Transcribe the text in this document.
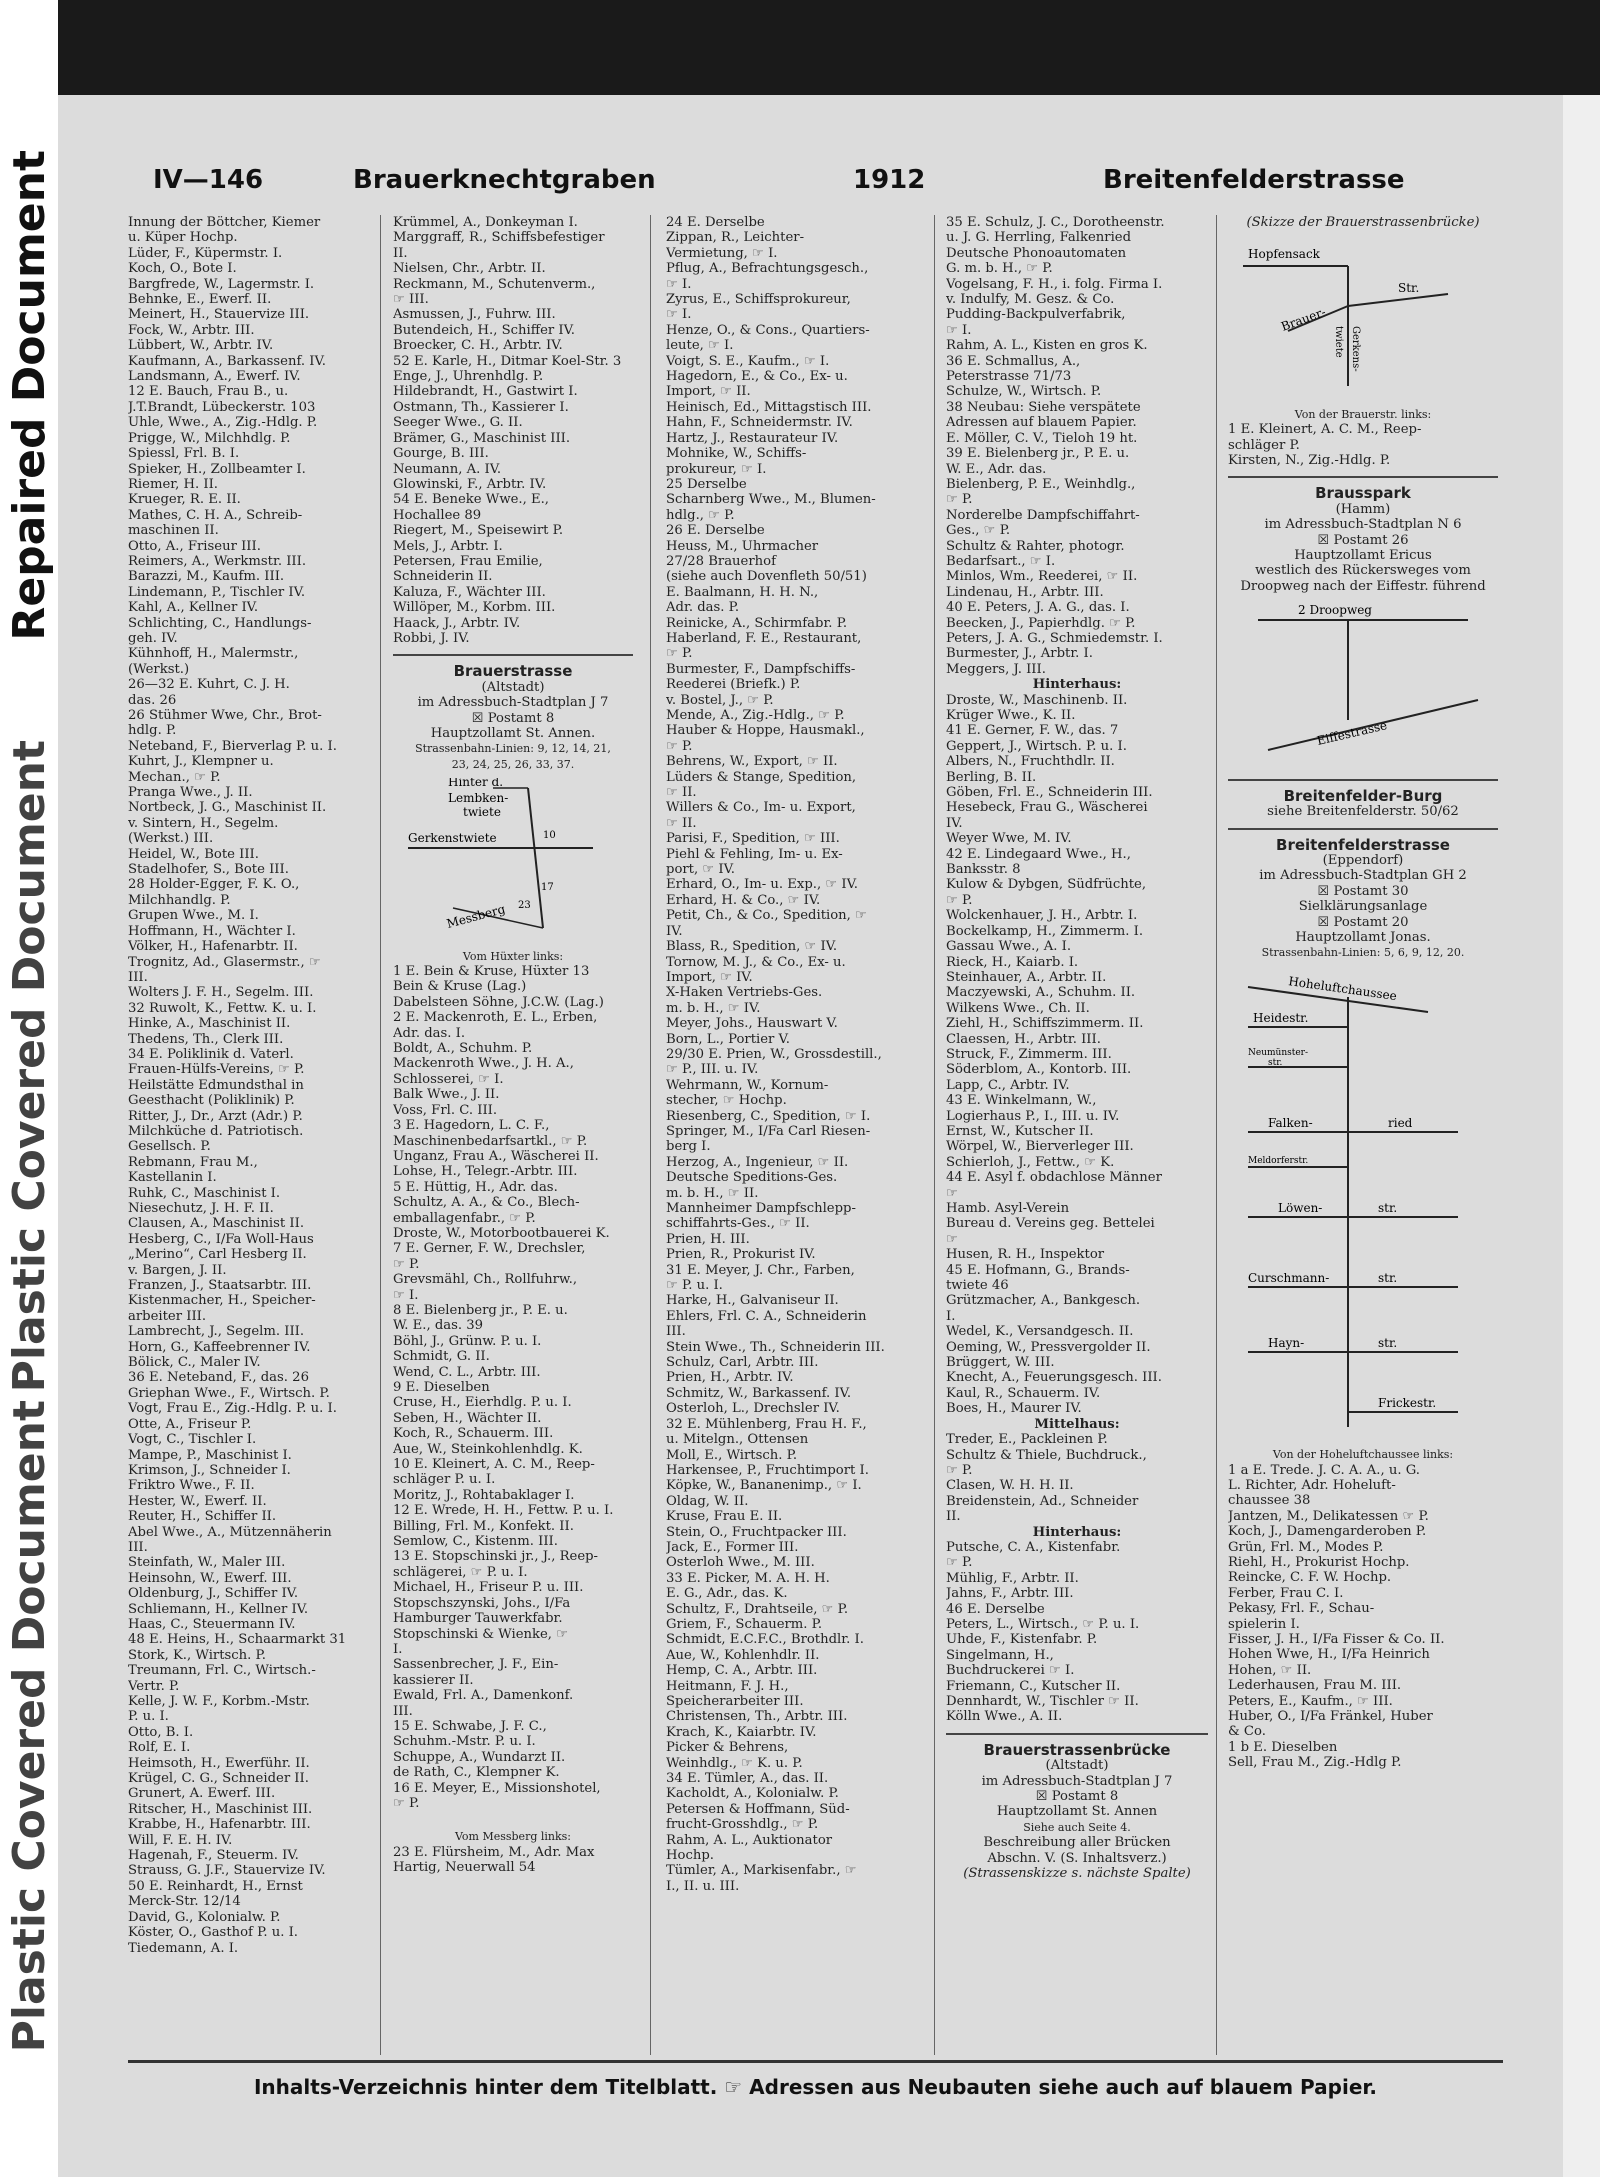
Repaired Document
Plastic Covered Document
Plastic Covered Document
IV—146	Brauerknechtgraben	1912	Breitenfelderstrasse
Innung der Böttcher, Kiemer
u. Küper Hochp.
Lüder, F., Küpermstr. I.
Koch, O., Bote I.
Bargfrede, W., Lagermstr. I.
Behnke, E., Ewerf. II.
Meinert, H., Stauervize III.
Fock, W., Arbtr. III.
Lübbert, W., Arbtr. IV.
Kaufmann, A., Barkassenf. IV.
Landsmann, A., Ewerf. IV.
12 E. Bauch, Frau B., u.
J.T.Brandt, Lübeckerstr. 103
Uhle, Wwe., A., Zig.-Hdlg. P.
Prigge, W., Milchhdlg. P.
Spiessl, Frl. B. I.
Spieker, H., Zollbeamter I.
Riemer, H. II.
Krueger, R. E. II.
Mathes, C. H. A., Schreib-
maschinen II.
Otto, A., Friseur III.
Reimers, A., Werkmstr. III.
Barazzi, M., Kaufm. III.
Lindemann, P., Tischler IV.
Kahl, A., Kellner IV.
Schlichting, C., Handlungs-
geh. IV.
Kühnhoff, H., Malermstr.,
(Werkst.)
26—32 E. Kuhrt, C. J. H.
das. 26
26 Stühmer Wwe, Chr., Brot-
hdlg. P.
Neteband, F., Bierverlag P. u. I.
Kuhrt, J., Klempner u.
Mechan., ☞ P.
Pranga Wwe., J. II.
Nortbeck, J. G., Maschinist II.
v. Sintern, H., Segelm.
(Werkst.) III.
Heidel, W., Bote III.
Stadelhofer, S., Bote III.
28 Holder-Egger, F. K. O.,
Milchhandlg. P.
Grupen Wwe., M. I.
Hoffmann, H., Wächter I.
Völker, H., Hafenarbtr. II.
Trognitz, Ad., Glasermstr., ☞
III.
Wolters J. F. H., Segelm. III.
32 Ruwolt, K., Fettw. K. u. I.
Hinke, A., Maschinist II.
Thedens, Th., Clerk III.
34 E. Poliklinik d. Vaterl.
Frauen-Hülfs-Vereins, ☞ P.
Heilstätte Edmundsthal in
Geesthacht (Poliklinik) P.
Ritter, J., Dr., Arzt (Adr.) P.
Milchküche d. Patriotisch.
Gesellsch. P.
Rebmann, Frau M.,
Kastellanin I.
Ruhk, C., Maschinist I.
Niesechutz, J. H. F. II.
Clausen, A., Maschinist II.
Hesberg, C., I/Fa Woll-Haus
„Merino“, Carl Hesberg II.
v. Bargen, J. II.
Franzen, J., Staatsarbtr. III.
Kistenmacher, H., Speicher-
arbeiter III.
Lambrecht, J., Segelm. III.
Horn, G., Kaffeebrenner IV.
Bölick, C., Maler IV.
36 E. Neteband, F., das. 26
Griephan Wwe., F., Wirtsch. P.
Vogt, Frau E., Zig.-Hdlg. P. u. I.
Otte, A., Friseur P.
Vogt, C., Tischler I.
Mampe, P., Maschinist I.
Krimson, J., Schneider I.
Friktro Wwe., F. II.
Hester, W., Ewerf. II.
Reuter, H., Schiffer II.
Abel Wwe., A., Mützennäherin
III.
Steinfath, W., Maler III.
Heinsohn, W., Ewerf. III.
Oldenburg, J., Schiffer IV.
Schliemann, H., Kellner IV.
Haas, C., Steuermann IV.
48 E. Heins, H., Schaarmarkt 31
Stork, K., Wirtsch. P.
Treumann, Frl. C., Wirtsch.-
Vertr. P.
Kelle, J. W. F., Korbm.-Mstr.
P. u. I.
Otto, B. I.
Rolf, E. I.
Heimsoth, H., Ewerführ. II.
Krügel, C. G., Schneider II.
Grunert, A. Ewerf. III.
Ritscher, H., Maschinist III.
Krabbe, H., Hafenarbtr. III.
Will, F. E. H. IV.
Hagenah, F., Steuerm. IV.
Strauss, G. J.F., Stauervize IV.
50 E. Reinhardt, H., Ernst
Merck-Str. 12/14
David, G., Kolonialw. P.
Köster, O., Gasthof P. u. I.
Tiedemann, A. I.
Krümmel, A., Donkeyman I.
Marggraff, R., Schiffsbefestiger
II.
Nielsen, Chr., Arbtr. II.
Reckmann, M., Schutenverm.,
☞ III.
Asmussen, J., Fuhrw. III.
Butendeich, H., Schiffer IV.
Broecker, C. H., Arbtr. IV.
52 E. Karle, H., Ditmar Koel-Str. 3
Enge, J., Uhrenhdlg. P.
Hildebrandt, H., Gastwirt I.
Ostmann, Th., Kassierer I.
Seeger Wwe., G. II.
Brämer, G., Maschinist III.
Gourge, B. III.
Neumann, A. IV.
Glowinski, F., Arbtr. IV.
54 E. Beneke Wwe., E.,
Hochallee 89
Riegert, M., Speisewirt P.
Mels, J., Arbtr. I.
Petersen, Frau Emilie,
Schneiderin II.
Kaluza, F., Wächter III.
Willöper, M., Korbm. III.
Haack, J., Arbtr. IV.
Robbi, J. IV.
Brauerstrasse
(Altstadt)
im Adressbuch-Stadtplan J 7
☒ Postamt 8
Hauptzollamt St. Annen.
Strassenbahn-Linien: 9, 12, 14, 21,
23, 24, 25, 26, 33, 37.
Hinter d.
Lembken-
twiete
Gerkenstwiete
Messberg
10
17
23
Vom Hüxter links:
1 E. Bein & Kruse, Hüxter 13
Bein & Kruse (Lag.)
Dabelsteen Söhne, J.C.W. (Lag.)
2 E. Mackenroth, E. L., Erben,
Adr. das. I.
Boldt, A., Schuhm. P.
Mackenroth Wwe., J. H. A.,
Schlosserei, ☞ I.
Balk Wwe., J. II.
Voss, Frl. C. III.
3 E. Hagedorn, L. C. F.,
Maschinenbedarfsartkl., ☞ P.
Unganz, Frau A., Wäscherei II.
Lohse, H., Telegr.-Arbtr. III.
5 E. Hüttig, H., Adr. das.
Schultz, A. A., & Co., Blech-
emballagenfabr., ☞ P.
Droste, W., Motorbootbauerei K.
7 E. Gerner, F. W., Drechsler,
☞ P.
Grevsmähl, Ch., Rollfuhrw.,
☞ I.
8 E. Bielenberg jr., P. E. u.
W. E., das. 39
Böhl, J., Grünw. P. u. I.
Schmidt, G. II.
Wend, C. L., Arbtr. III.
9 E. Dieselben
Cruse, H., Eierhdlg. P. u. I.
Seben, H., Wächter II.
Koch, R., Schauerm. III.
Aue, W., Steinkohlenhdlg. K.
10 E. Kleinert, A. C. M., Reep-
schläger P. u. I.
Moritz, J., Rohtabaklager I.
12 E. Wrede, H. H., Fettw. P. u. I.
Billing, Frl. M., Konfekt. II.
Semlow, C., Kistenm. III.
13 E. Stopschinski jr., J., Reep-
schlägerei, ☞ P. u. I.
Michael, H., Friseur P. u. III.
Stopschszynski, Johs., I/Fa
Hamburger Tauwerkfabr.
Stopschinski & Wienke, ☞
I.
Sassenbrecher, J. F., Ein-
kassierer II.
Ewald, Frl. A., Damenkonf.
III.
15 E. Schwabe, J. F. C.,
Schuhm.-Mstr. P. u. I.
Schuppe, A., Wundarzt II.
de Rath, C., Klempner K.
16 E. Meyer, E., Missionshotel,
☞ P.
Vom Messberg links:
23 E. Flürsheim, M., Adr. Max
Hartig, Neuerwall 54
24 E. Derselbe
Zippan, R., Leichter-
Vermietung, ☞ I.
Pflug, A., Befrachtungsgesch.,
☞ I.
Zyrus, E., Schiffsprokureur,
☞ I.
Henze, O., & Cons., Quartiers-
leute, ☞ I.
Voigt, S. E., Kaufm., ☞ I.
Hagedorn, E., & Co., Ex- u.
Import, ☞ II.
Heinisch, Ed., Mittagstisch III.
Hahn, F., Schneidermstr. IV.
Hartz, J., Restaurateur IV.
Mohnike, W., Schiffs-
prokureur, ☞ I.
25 Derselbe
Scharnberg Wwe., M., Blumen-
hdlg., ☞ P.
26 E. Derselbe
Heuss, M., Uhrmacher
27/28 Brauerhof
(siehe auch Dovenfleth 50/51)
E. Baalmann, H. H. N.,
Adr. das. P.
Reinicke, A., Schirmfabr. P.
Haberland, F. E., Restaurant,
☞ P.
Burmester, F., Dampfschiffs-
Reederei (Briefk.) P.
v. Bostel, J., ☞ P.
Mende, A., Zig.-Hdlg., ☞ P.
Hauber & Hoppe, Hausmakl.,
☞ P.
Behrens, W., Export, ☞ II.
Lüders & Stange, Spedition,
☞ II.
Willers & Co., Im- u. Export,
☞ II.
Parisi, F., Spedition, ☞ III.
Piehl & Fehling, Im- u. Ex-
port, ☞ IV.
Erhard, O., Im- u. Exp., ☞ IV.
Erhard, H. & Co., ☞ IV.
Petit, Ch., & Co., Spedition, ☞
IV.
Blass, R., Spedition, ☞ IV.
Tornow, M. J., & Co., Ex- u.
Import, ☞ IV.
X-Haken Vertriebs-Ges.
m. b. H., ☞ IV.
Meyer, Johs., Hauswart V.
Born, L., Portier V.
29/30 E. Prien, W., Grossdestill.,
☞ P., III. u. IV.
Wehrmann, W., Kornum-
stecher, ☞ Hochp.
Riesenberg, C., Spedition, ☞ I.
Springer, M., I/Fa Carl Riesen-
berg I.
Herzog, A., Ingenieur, ☞ II.
Deutsche Speditions-Ges.
m. b. H., ☞ II.
Mannheimer Dampfschlepp-
schiffahrts-Ges., ☞ II.
Prien, H. III.
Prien, R., Prokurist IV.
31 E. Meyer, J. Chr., Farben,
☞ P. u. I.
Harke, H., Galvaniseur II.
Ehlers, Frl. C. A., Schneiderin
III.
Stein Wwe., Th., Schneiderin III.
Schulz, Carl, Arbtr. III.
Prien, H., Arbtr. IV.
Schmitz, W., Barkassenf. IV.
Osterloh, L., Drechsler IV.
32 E. Mühlenberg, Frau H. F.,
u. Mitelgn., Ottensen
Moll, E., Wirtsch. P.
Harkensee, P., Fruchtimport I.
Köpke, W., Bananenimp., ☞ I.
Oldag, W. II.
Kruse, Frau E. II.
Stein, O., Fruchtpacker III.
Jack, E., Former III.
Osterloh Wwe., M. III.
33 E. Picker, M. A. H. H.
E. G., Adr., das. K.
Schultz, F., Drahtseile, ☞ P.
Griem, F., Schauerm. P.
Schmidt, E.C.F.C., Brothdlr. I.
Aue, W., Kohlenhdlr. II.
Hemp, C. A., Arbtr. III.
Heitmann, F. J. H.,
Speicherarbeiter III.
Christensen, Th., Arbtr. III.
Krach, K., Kaiarbtr. IV.
Picker & Behrens,
Weinhdlg., ☞ K. u. P.
34 E. Tümler, A., das. II.
Kacholdt, A., Kolonialw. P.
Petersen & Hoffmann, Süd-
frucht-Grosshdlg., ☞ P.
Rahm, A. L., Auktionator
Hochp.
Tümler, A., Markisenfabr., ☞
I., II. u. III.
35 E. Schulz, J. C., Dorotheenstr.
u. J. G. Herrling, Falkenried
Deutsche Phonoautomaten
G. m. b. H., ☞ P.
Vogelsang, F. H., i. folg. Firma I.
v. Indulfy, M. Gesz. & Co.
Pudding-Backpulverfabrik,
☞ I.
Rahm, A. L., Kisten en gros K.
36 E. Schmallus, A.,
Peterstrasse 71/73
Schulze, W., Wirtsch. P.
38 Neubau: Siehe verspätete
Adressen auf blauem Papier.
E. Möller, C. V., Tieloh 19 ht.
39 E. Bielenberg jr., P. E. u.
W. E., Adr. das.
Bielenberg, P. E., Weinhdlg.,
☞ P.
Norderelbe Dampfschiffahrt-
Ges., ☞ P.
Schultz & Rahter, photogr.
Bedarfsart., ☞ I.
Minlos, Wm., Reederei, ☞ II.
Lindenau, H., Arbtr. III.
40 E. Peters, J. A. G., das. I.
Beecken, J., Papierhdlg. ☞ P.
Peters, J. A. G., Schmiedemstr. I.
Burmester, J., Arbtr. I.
Meggers, J. III.
Hinterhaus:
Droste, W., Maschinenb. II.
Krüger Wwe., K. II.
41 E. Gerner, F. W., das. 7
Geppert, J., Wirtsch. P. u. I.
Albers, N., Fruchthdlr. II.
Berling, B. II.
Göben, Frl. E., Schneiderin III.
Hesebeck, Frau G., Wäscherei
IV.
Weyer Wwe, M. IV.
42 E. Lindegaard Wwe., H.,
Banksstr. 8
Kulow & Dybgen, Südfrüchte,
☞ P.
Wolckenhauer, J. H., Arbtr. I.
Bockelkamp, H., Zimmerm. I.
Gassau Wwe., A. I.
Rieck, H., Kaiarb. I.
Steinhauer, A., Arbtr. II.
Maczyewski, A., Schuhm. II.
Wilkens Wwe., Ch. II.
Ziehl, H., Schiffszimmerm. II.
Claessen, H., Arbtr. III.
Struck, F., Zimmerm. III.
Söderblom, A., Kontorb. III.
Lapp, C., Arbtr. IV.
43 E. Winkelmann, W.,
Logierhaus P., I., III. u. IV.
Ernst, W., Kutscher II.
Wörpel, W., Bierverleger III.
Schierloh, J., Fettw., ☞ K.
44 E. Asyl f. obdachlose Männer
☞
Hamb. Asyl-Verein
Bureau d. Vereins geg. Bettelei
☞
Husen, R. H., Inspektor
45 E. Hofmann, G., Brands-
twiete 46
Grützmacher, A., Bankgesch.
I.
Wedel, K., Versandgesch. II.
Oeming, W., Pressvergolder II.
Brüggert, W. III.
Knecht, A., Feuerungsgesch. III.
Kaul, R., Schauerm. IV.
Boes, H., Maurer IV.
Mittelhaus:
Treder, E., Packleinen P.
Schultz & Thiele, Buchdruck.,
☞ P.
Clasen, W. H. H. II.
Breidenstein, Ad., Schneider
II.
Hinterhaus:
Putsche, C. A., Kistenfabr.
☞ P.
Mühlig, F., Arbtr. II.
Jahns, F., Arbtr. III.
46 E. Derselbe
Peters, L., Wirtsch., ☞ P. u. I.
Uhde, F., Kistenfabr. P.
Singelmann, H.,
Buchdruckerei ☞ I.
Friemann, C., Kutscher II.
Dennhardt, W., Tischler ☞ II.
Kölln Wwe., A. II.
Brauerstrassenbrücke
(Altstadt)
im Adressbuch-Stadtplan J 7
☒ Postamt 8
Hauptzollamt St. Annen
Siehe auch Seite 4.
Beschreibung aller Brücken
Abschn. V. (S. Inhaltsverz.)
(Strassenskizze s. nächste Spalte)
(Skizze der Brauerstrassenbrücke)
Hopfensack
Brauer-
Str.
Gerkens-
twiete
Von der Brauerstr. links:
1 E. Kleinert, A. C. M., Reep-
schläger P.
Kirsten, N., Zig.-Hdlg. P.
Brausspark
(Hamm)
im Adressbuch-Stadtplan N 6
☒ Postamt 26
Hauptzollamt Ericus
westlich des Rückersweges vom Droopweg nach der Eiffestr. führend
2 Droopweg
Eiffestrasse
Breitenfelder-Burg
siehe Breitenfelderstr. 50/62
Breitenfelderstrasse
(Eppendorf)
im Adressbuch-Stadtplan GH 2
☒ Postamt 30
Sielklärungsanlage
☒ Postamt 20
Hauptzollamt Jonas.
Strassenbahn-Linien: 5, 6, 9, 12, 20.
Hoheluftchaussee
Heidestr.
Neumünster-
str.
Falken-	ried
Meldorferstr.
Löwen-	str.
Curschmann-	str.
Hayn-	str.
Frickestr.
Von der Hoheluftchaussee links:
1 a E. Trede. J. C. A. A., u. G.
L. Richter, Adr. Hoheluft-
chaussee 38
Jantzen, M., Delikatessen ☞ P.
Koch, J., Damengarderoben P.
Grün, Frl. M., Modes P.
Riehl, H., Prokurist Hochp.
Reincke, C. F. W. Hochp.
Ferber, Frau C. I.
Pekasy, Frl. F., Schau-
spielerin I.
Fisser, J. H., I/Fa Fisser & Co. II.
Hohen Wwe, H., I/Fa Heinrich
Hohen, ☞ II.
Lederhausen, Frau M. III.
Peters, E., Kaufm., ☞ III.
Huber, O., I/Fa Fränkel, Huber
& Co.
1 b E. Dieselben
Sell, Frau M., Zig.-Hdlg P.
Inhalts-Verzeichnis hinter dem Titelblatt. ☞ Adressen aus Neubauten siehe auch auf blauem Papier.
